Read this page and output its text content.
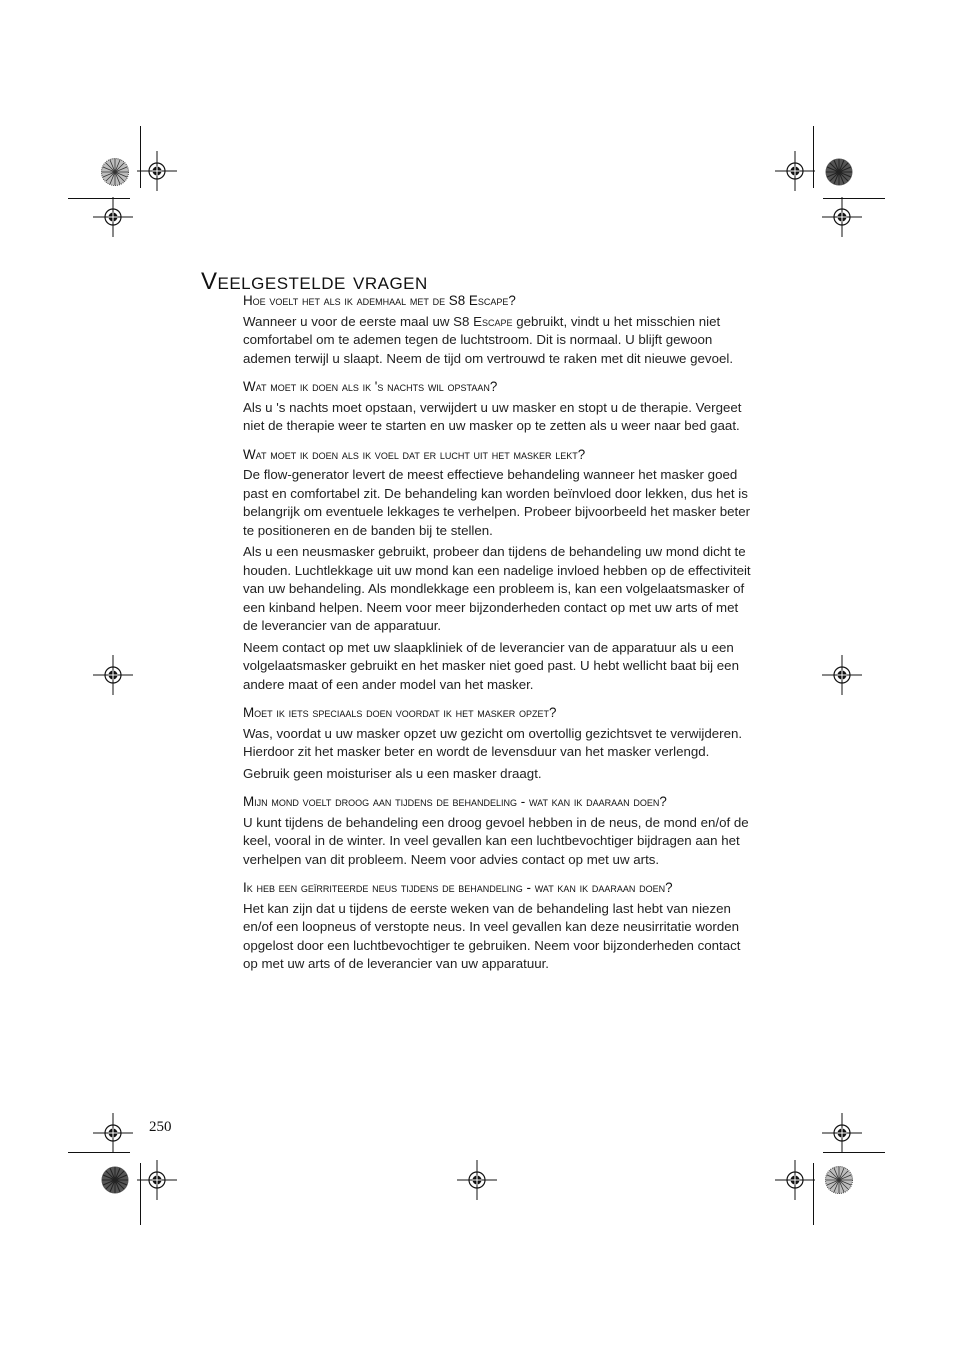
Veelgestelde vragen
Hoe voelt het als ik ademhaal met de S8 Escape?

Wanneer u voor de eerste maal uw S8 Escape gebruikt, vindt u het misschien niet comfortabel om te ademen tegen de luchtstroom. Dit is normaal. U blijft gewoon ademen terwijl u slaapt. Neem de tijd om vertrouwd te raken met dit nieuwe gevoel.

Wat moet ik doen als ik 's nachts wil opstaan?

Als u 's nachts moet opstaan, verwijdert u uw masker en stopt u de therapie. Vergeet niet de therapie weer te starten en uw masker op te zetten als u weer naar bed gaat.

Wat moet ik doen als ik voel dat er lucht uit het masker lekt?

De flow-generator levert de meest effectieve behandeling wanneer het masker goed past en comfortabel zit. De behandeling kan worden beïnvloed door lekken, dus het is belangrijk om eventuele lekkages te verhelpen. Probeer bijvoorbeeld het masker beter te positioneren en de banden bij te stellen.

Als u een neusmasker gebruikt, probeer dan tijdens de behandeling uw mond dicht te houden. Luchtlekkage uit uw mond kan een nadelige invloed hebben op de effectiviteit van uw behandeling. Als mondlekkage een probleem is, kan een volgelaatsmasker of een kinband helpen. Neem voor meer bijzonderheden contact op met uw arts of met de leverancier van de apparatuur.

Neem contact op met uw slaapkliniek of de leverancier van de apparatuur als u een volgelaatsmasker gebruikt en het masker niet goed past. U hebt wellicht baat bij een andere maat of een ander model van het masker.

Moet ik iets speciaals doen voordat ik het masker opzet?

Was, voordat u uw masker opzet uw gezicht om overtollig gezichtsvet te verwijderen. Hierdoor zit het masker beter en wordt de levensduur van het masker verlengd.

Gebruik geen moisturiser als u een masker draagt.

Mijn mond voelt droog aan tijdens de behandeling - wat kan ik daaraan doen?

U kunt tijdens de behandeling een droog gevoel hebben in de neus, de mond en/of de keel, vooral in de winter. In veel gevallen kan een luchtbevochtiger bijdragen aan het verhelpen van dit probleem. Neem voor advies contact op met uw arts.

Ik heb een geïrriteerde neus tijdens de behandeling - wat kan ik daaraan doen?

Het kan zijn dat u tijdens de eerste weken van de behandeling last hebt van niezen en/of een loopneus of verstopte neus. In veel gevallen kan deze neusirritatie worden opgelost door een luchtbevochtiger te gebruiken. Neem voor bijzonderheden contact op met uw arts of de leverancier van uw apparatuur.

250
